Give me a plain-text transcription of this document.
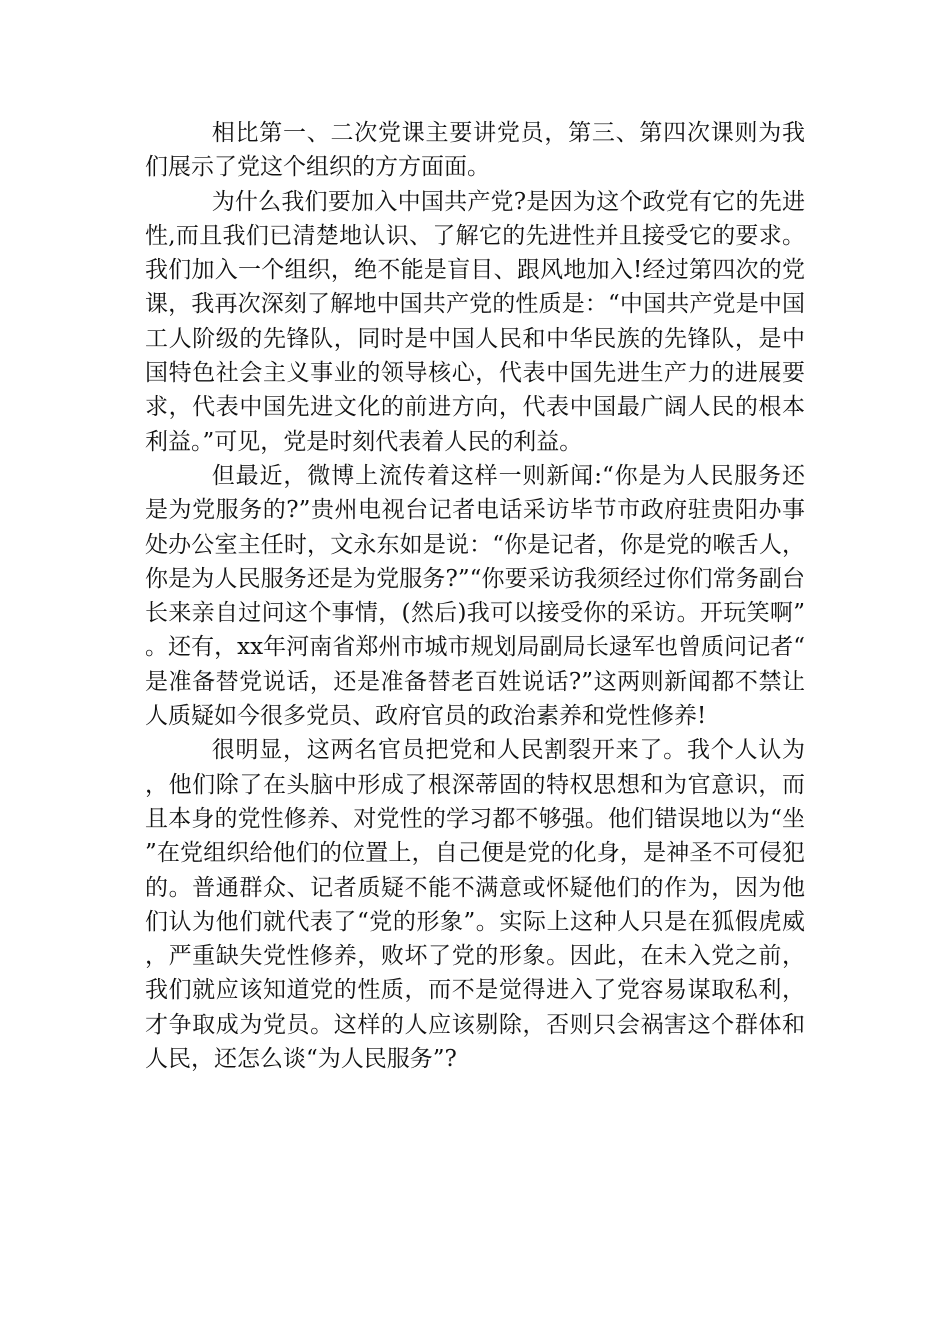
相比第一、二次党课主要讲党员，第三、第四次课则为我们展示了党这个组织的方方面面。

为什么我们要加入中国共产党?是因为这个政党有它的先进性,而且我们已清楚地认识、了解它的先进性并且接受它的要求。我们加入一个组织，绝不能是盲目、跟风地加入!经过第四次的党课，我再次深刻了解地中国共产党的性质是：“中国共产党是中国工人阶级的先锋队，同时是中国人民和中华民族的先锋队，是中国特色社会主义事业的领导核心，代表中国先进生产力的进展要求，代表中国先进文化的前进方向，代表中国最广阔人民的根本利益。”可见，党是时刻代表着人民的利益。

但最近，微博上流传着这样一则新闻:“你是为人民服务还是为党服务的?”贵州电视台记者电话采访毕节市政府驻贵阳办事处办公室主任时，文永东如是说：“你是记者，你是党的喉舌人，你是为人民服务还是为党服务?”“你要采访我须经过你们常务副台长来亲自过问这个事情，(然后)我可以接受你的采访。开玩笑啊”。还有，xx年河南省郑州市城市规划局副局长逯军也曾质问记者“是准备替党说话，还是准备替老百姓说话?”这两则新闻都不禁让人质疑如今很多党员、政府官员的政治素养和党性修养!

很明显，这两名官员把党和人民割裂开来了。我个人认为，他们除了在头脑中形成了根深蒂固的特权思想和为官意识，而且本身的党性修养、对党性的学习都不够强。他们错误地以为“坐”在党组织给他们的位置上，自己便是党的化身，是神圣不可侵犯的。普通群众、记者质疑不能不满意或怀疑他们的作为，因为他们认为他们就代表了“党的形象”。实际上这种人只是在狐假虎威，严重缺失党性修养，败坏了党的形象。因此，在未入党之前，我们就应该知道党的性质，而不是觉得进入了党容易谋取私利，才争取成为党员。这样的人应该剔除，否则只会祸害这个群体和人民，还怎么谈“为人民服务”?
